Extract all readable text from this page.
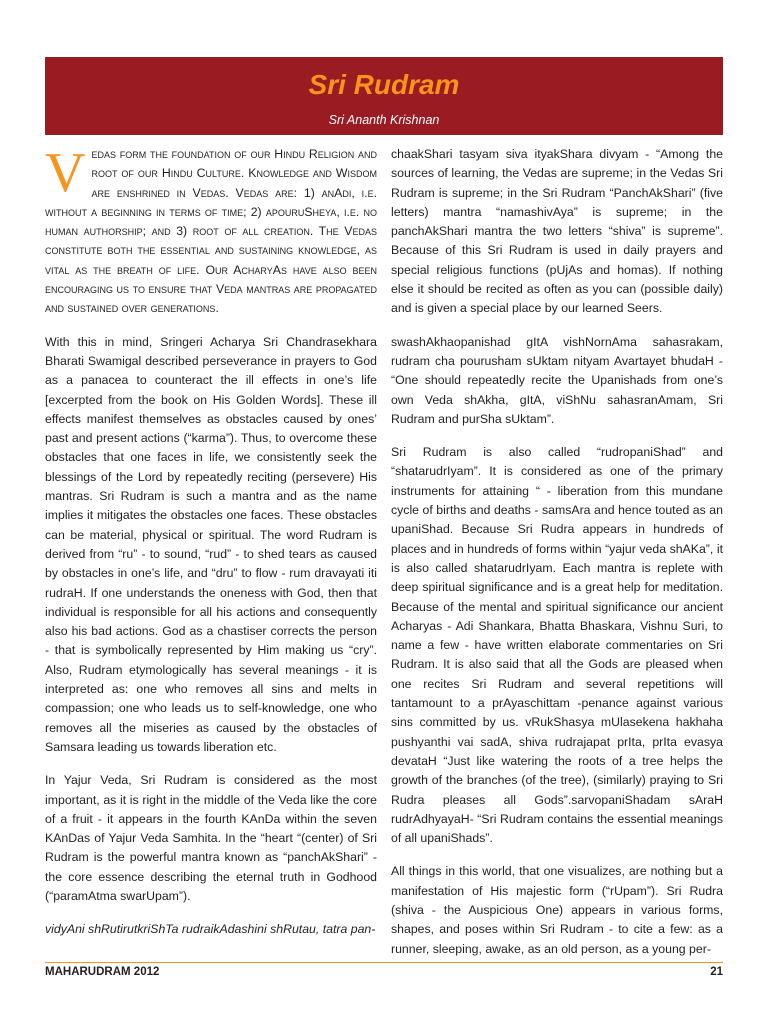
Sri Rudram
Sri Ananth Krishnan

Vedas form the foundation of our Hindu Religion and root of our Hindu Culture. Knowledge and Wisdom are enshrined in Vedas. Vedas are: 1) anAdi, i.e. without a beginning in terms of time; 2) apouruSheya, i.e. no human authorship; and 3) root of all creation. The Vedas constitute both the essential and sustaining knowledge, as vital as the breath of life. Our AcharyAs have also been encouraging us to ensure that Veda mantras are propagated and sustained over generations.

With this in mind, Sringeri Acharya Sri Chandrasekhara Bharati Swamigal described perseverance in prayers to God as a panacea to counteract the ill effects in one’s life [excerpted from the book on His Golden Words]. These ill effects manifest themselves as obstacles caused by ones’ past and present actions (“karma”). Thus, to overcome these obstacles that one faces in life, we consistently seek the blessings of the Lord by repeatedly reciting (persevere) His mantras. Sri Rudram is such a mantra and as the name implies it mitigates the obstacles one faces. These obstacles can be material, physical or spiritual. The word Rudram is derived from “ru” - to sound, “rud” - to shed tears as caused by obstacles in one’s life, and “dru” to flow - rum dravayati iti rudraH. If one understands the oneness with God, then that individual is responsible for all his actions and consequently also his bad actions. God as a chastiser corrects the person - that is symbolically represented by Him making us “cry”. Also, Rudram etymologically has several meanings - it is interpreted as: one who removes all sins and melts in compassion; one who leads us to self-knowledge, one who removes all the miseries as caused by the obstacles of Samsara leading us towards liberation etc.

In Yajur Veda, Sri Rudram is considered as the most important, as it is right in the middle of the Veda like the core of a fruit - it appears in the fourth KAnDa within the seven KAnDas of Yajur Veda Samhita. In the “heart “(center) of Sri Rudram is the powerful mantra known as “panchAkShari” - the core essence describing the eternal truth in Godhood (“paramAtma swarUpam”).

vidyAni shRutirutkriShTa rudraikAdashini shRutau, tatra pan-

chaakShari tasyam siva ityakShara divyam - “Among the sources of learning, the Vedas are supreme; in the Vedas Sri Rudram is supreme; in the Sri Rudram “PanchAkShari” (five letters) mantra “namashivAya” is supreme; in the panchAkShari mantra the two letters “shiva” is supreme”. Because of this Sri Rudram is used in daily prayers and special religious functions (pUjAs and homas). If nothing else it should be recited as often as you can (possible daily) and is given a special place by our learned Seers.

swashAkhaopanishad gItA vishNornAma sahasrakam, rudram cha pourusham sUktam nityam Avartayet bhudaH - “One should repeatedly recite the Upanishads from one’s own Veda shAkha, gItA, viShNu sahasranAmam, Sri Rudram and purSha sUktam”.

Sri Rudram is also called “rudropaniShad” and “shatarudrIyam”. It is considered as one of the primary instruments for attaining “ - liberation from this mundane cycle of births and deaths - samsAra and hence touted as an upaniShad. Because Sri Rudra appears in hundreds of places and in hundreds of forms within “yajur veda shAKa”, it is also called shatarudrIyam. Each mantra is replete with deep spiritual significance and is a great help for meditation. Because of the mental and spiritual significance our ancient Acharyas - Adi Shankara, Bhatta Bhaskara, Vishnu Suri, to name a few - have written elaborate commentaries on Sri Rudram. It is also said that all the Gods are pleased when one recites Sri Rudram and several repetitions will tantamount to a prAyaschittam -penance against various sins committed by us. vRukShasya mUlasekena hakhaha pushyanthi vai sadA, shiva rudrajapat prIta, prIta evasya devataH “Just like watering the roots of a tree helps the growth of the branches (of the tree), (similarly) praying to Sri Rudra pleases all Gods”.sarvopaniShadam sAraH rudrAdhyayaH- “Sri Rudram contains the essential meanings of all upaniShads”.

All things in this world, that one visualizes, are nothing but a manifestation of His majestic form (“rUpam”). Sri Rudra (shiva - the Auspicious One) appears in various forms, shapes, and poses within Sri Rudram - to cite a few: as a runner, sleeping, awake, as an old person, as a young per-

MAHARUDRAM 2012	21
